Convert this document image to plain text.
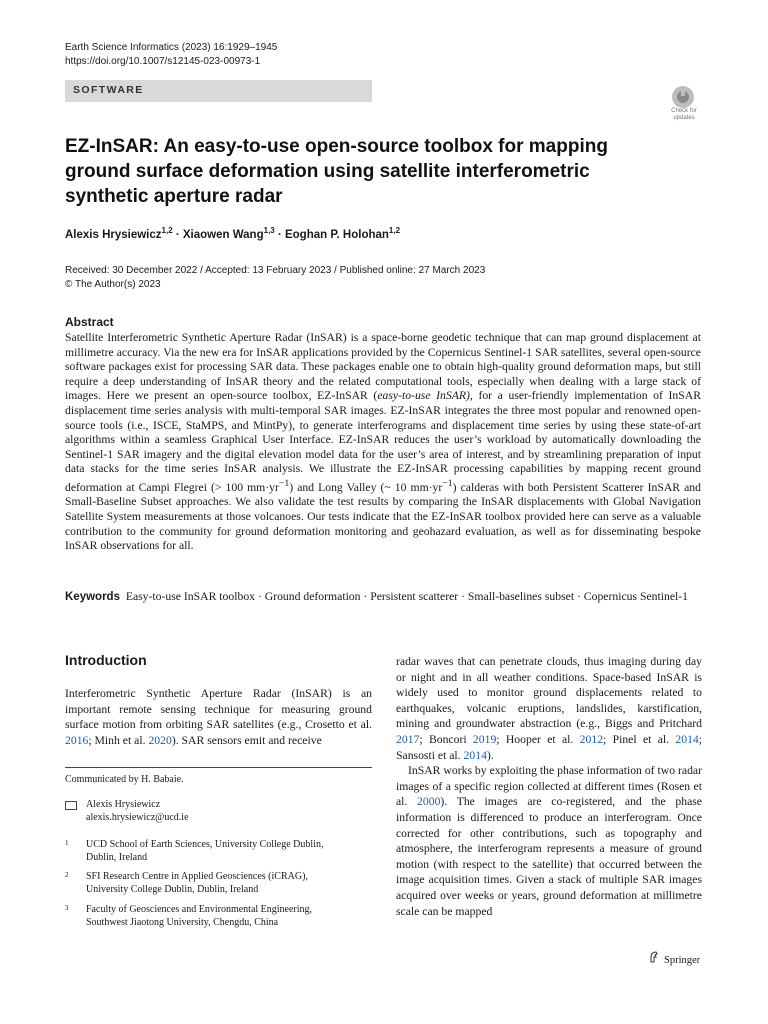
Earth Science Informatics (2023) 16:1929–1945
https://doi.org/10.1007/s12145-023-00973-1
SOFTWARE
Check for
updates
EZ-InSAR: An easy-to-use open-source toolbox for mapping ground surface deformation using satellite interferometric synthetic aperture radar
Alexis Hrysiewicz$^{1,2}$ · Xiaowen Wang$^{1,3}$ · Eoghan P. Holohan$^{1,2}$
Received: 30 December 2022 / Accepted: 13 February 2023 / Published online: 27 March 2023
© The Author(s) 2023
Abstract
Satellite Interferometric Synthetic Aperture Radar (InSAR) is a space-borne geodetic technique that can map ground displacement at millimetre accuracy. Via the new era for InSAR applications provided by the Copernicus Sentinel-1 SAR satellites, several open-source software packages exist for processing SAR data. These packages enable one to obtain high-quality ground deformation maps, but still require a deep understanding of InSAR theory and the related computational tools, especially when dealing with a large stack of images. Here we present an open-source toolbox, EZ-InSAR (easy-to-use InSAR), for a user-friendly implementation of InSAR displacement time series analysis with multi-temporal SAR images. EZ-InSAR integrates the three most popular and renowned open-source tools (i.e., ISCE, StaMPS, and MintPy), to generate interferograms and displacement time series by using these state-of-art algorithms within a seamless Graphical User Interface. EZ-InSAR reduces the user’s workload by automatically downloading the Sentinel-1 SAR imagery and the digital elevation model data for the user’s area of interest, and by streamlining preparation of input data stacks for the time series InSAR analysis. We illustrate the EZ-InSAR processing capabilities by mapping recent ground deformation at Campi Flegrei (> 100 $mm\cdot yr^{-1}$) and Long Valley (~ 10 $mm\cdot yr^{-1}$) calderas with both Persistent Scatterer InSAR and Small-Baseline Subset approaches. We also validate the test results by comparing the InSAR displacements with Global Navigation Satellite System measurements at those volcanoes. Our tests indicate that the EZ-InSAR toolbox provided here can serve as a valuable contribution to the community for ground deformation monitoring and geohazard evaluation, as well as for disseminating bespoke InSAR observations for all.
Keywords Easy-to-use InSAR toolbox · Ground deformation · Persistent scatterer · Small-baselines subset · Copernicus Sentinel-1
Introduction
Interferometric Synthetic Aperture Radar (InSAR) is an important remote sensing technique for measuring ground surface motion from orbiting SAR satellites (e.g., Crosetto et al. 2016; Minh et al. 2020). SAR sensors emit and receive
Communicated by H. Babaie.
Alexis Hrysiewicz
alexis.hrysiewicz@ucd.ie
1 UCD School of Earth Sciences, University College Dublin,
Dublin, Ireland
2 SFI Research Centre in Applied Geosciences (iCRAG),
University College Dublin, Dublin, Ireland
3 Faculty of Geosciences and Environmental Engineering,
Southwest Jiaotong University, Chengdu, China

radar waves that can penetrate clouds, thus imaging during day or night and in all weather conditions. Space-based InSAR is widely used to monitor ground displacements related to earthquakes, volcanic eruptions, landslides, karstification, mining and groundwater abstraction (e.g., Biggs and Pritchard 2017; Boncori 2019; Hooper et al. 2012; Pinel et al. 2014; Sansosti et al. 2014).

InSAR works by exploiting the phase information of two radar images of a specific region collected at different times (Rosen et al. 2000). The images are co-registered, and the phase information is differenced to produce an interferogram. Once corrected for other contributions, such as topography and atmosphere, the interferogram represents a measure of ground motion (with respect to the satellite) that occurred between the image acquisition times. Given a stack of multiple SAR images acquired over weeks or years, ground deformation at millimetre scale can be mapped

Springer
